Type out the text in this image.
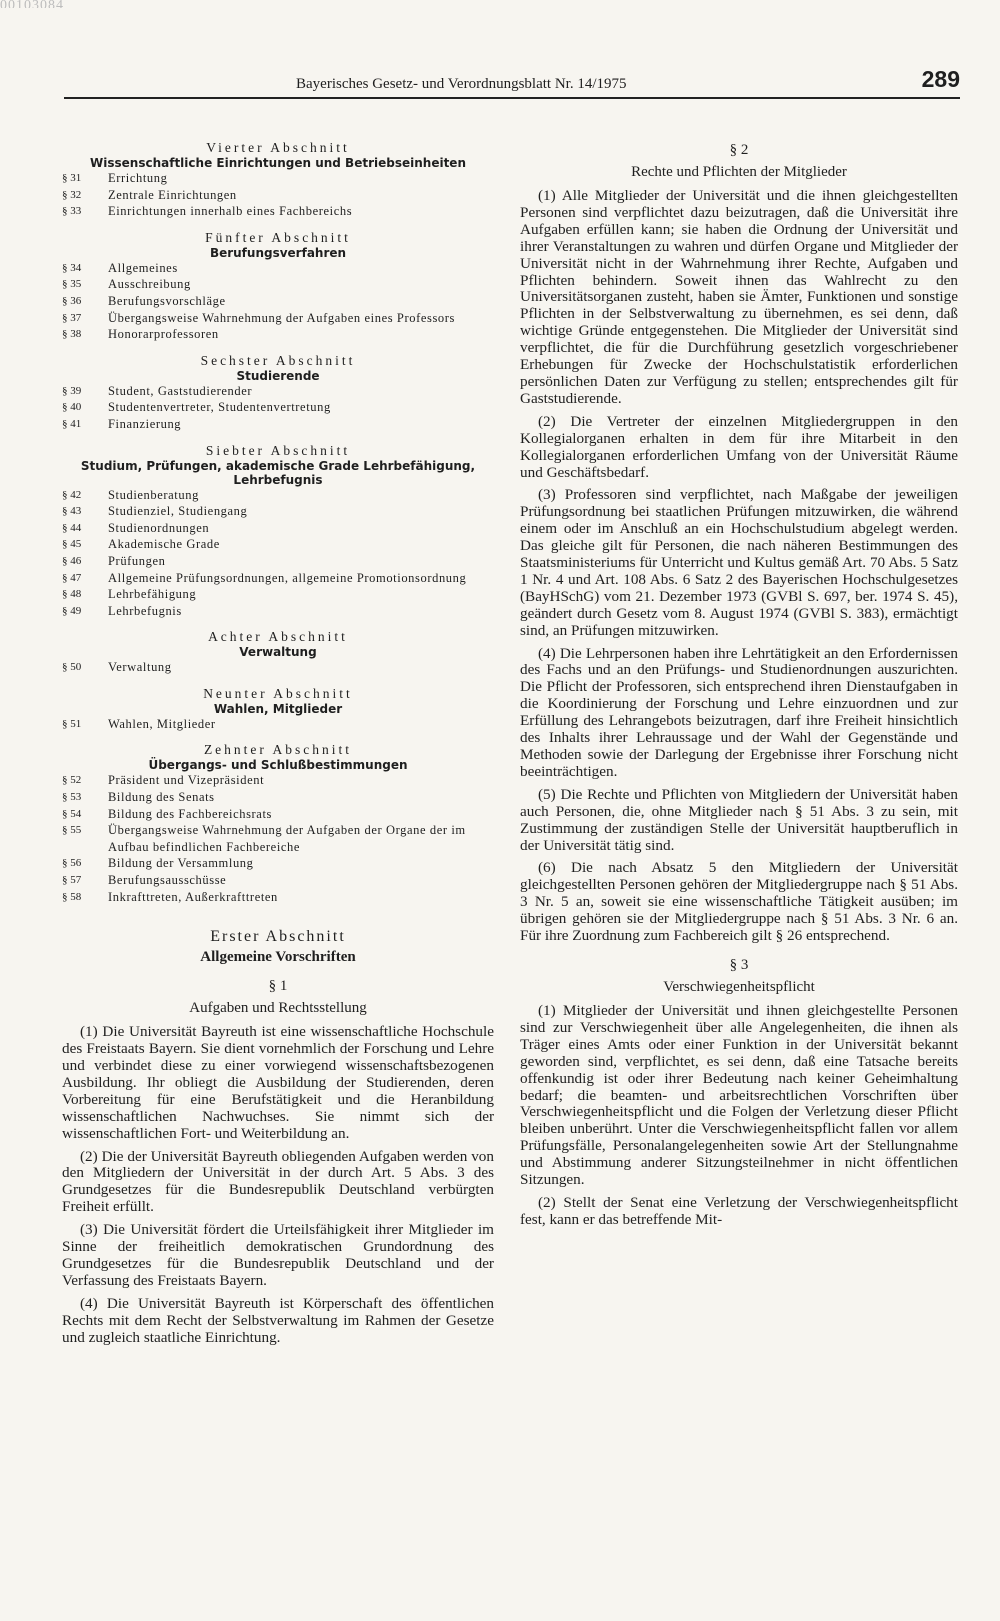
00103084
Bayerisches Gesetz- und Verordnungsblatt Nr. 14/1975	289
Vierter Abschnitt
Wissenschaftliche Einrichtungen und Betriebseinheiten
§ 31	Errichtung
§ 32	Zentrale Einrichtungen
§ 33	Einrichtungen innerhalb eines Fachbereichs
Fünfter Abschnitt
Berufungsverfahren
§ 34	Allgemeines
§ 35	Ausschreibung
§ 36	Berufungsvorschläge
§ 37	Übergangsweise Wahrnehmung der Aufgaben eines Professors
§ 38	Honorarprofessoren
Sechster Abschnitt
Studierende
§ 39	Student, Gaststudierender
§ 40	Studentenvertreter, Studentenvertretung
§ 41	Finanzierung
Siebter Abschnitt
Studium, Prüfungen, akademische Grade Lehrbefähigung, Lehrbefugnis
§ 42	Studienberatung
§ 43	Studienziel, Studiengang
§ 44	Studienordnungen
§ 45	Akademische Grade
§ 46	Prüfungen
§ 47	Allgemeine Prüfungsordnungen, allgemeine Promotionsordnung
§ 48	Lehrbefähigung
§ 49	Lehrbefugnis
Achter Abschnitt
Verwaltung
§ 50	Verwaltung
Neunter Abschnitt
Wahlen, Mitglieder
§ 51	Wahlen, Mitglieder
Zehnter Abschnitt
Übergangs- und Schlußbestimmungen
§ 52	Präsident und Vizepräsident
§ 53	Bildung des Senats
§ 54	Bildung des Fachbereichsrats
§ 55	Übergangsweise Wahrnehmung der Aufgaben der Organe der im Aufbau befindlichen Fachbereiche
§ 56	Bildung der Versammlung
§ 57	Berufungsausschüsse
§ 58	Inkrafttreten, Außerkrafttreten
Erster Abschnitt
Allgemeine Vorschriften
§ 1
Aufgaben und Rechtsstellung

(1) Die Universität Bayreuth ist eine wissenschaftliche Hochschule des Freistaats Bayern. Sie dient vornehmlich der Forschung und Lehre und verbindet diese zu einer vorwiegend wissenschaftsbezogenen Ausbildung. Ihr obliegt die Ausbildung der Studierenden, deren Vorbereitung für eine Berufstätigkeit und die Heranbildung wissenschaftlichen Nachwuchses. Sie nimmt sich der wissenschaftlichen Fort- und Weiterbildung an.

(2) Die der Universität Bayreuth obliegenden Aufgaben werden von den Mitgliedern der Universität in der durch Art. 5 Abs. 3 des Grundgesetzes für die Bundesrepublik Deutschland verbürgten Freiheit erfüllt.

(3) Die Universität fördert die Urteilsfähigkeit ihrer Mitglieder im Sinne der freiheitlich demokratischen Grundordnung des Grundgesetzes für die Bundesrepublik Deutschland und der Verfassung des Freistaats Bayern.

(4) Die Universität Bayreuth ist Körperschaft des öffentlichen Rechts mit dem Recht der Selbstverwaltung im Rahmen der Gesetze und zugleich staatliche Einrichtung.

§ 2
Rechte und Pflichten der Mitglieder

(1) Alle Mitglieder der Universität und die ihnen gleichgestellten Personen sind verpflichtet dazu beizutragen, daß die Universität ihre Aufgaben erfüllen kann; sie haben die Ordnung der Universität und ihrer Veranstaltungen zu wahren und dürfen Organe und Mitglieder der Universität nicht in der Wahrnehmung ihrer Rechte, Aufgaben und Pflichten behindern. Soweit ihnen das Wahlrecht zu den Universitätsorganen zusteht, haben sie Ämter, Funktionen und sonstige Pflichten in der Selbstverwaltung zu übernehmen, es sei denn, daß wichtige Gründe entgegenstehen. Die Mitglieder der Universität sind verpflichtet, die für die Durchführung gesetzlich vorgeschriebener Erhebungen für Zwecke der Hochschulstatistik erforderlichen persönlichen Daten zur Verfügung zu stellen; entsprechendes gilt für Gaststudierende.

(2) Die Vertreter der einzelnen Mitgliedergruppen in den Kollegialorganen erhalten in dem für ihre Mitarbeit in den Kollegialorganen erforderlichen Umfang von der Universität Räume und Geschäftsbedarf.

(3) Professoren sind verpflichtet, nach Maßgabe der jeweiligen Prüfungsordnung bei staatlichen Prüfungen mitzuwirken, die während einem oder im Anschluß an ein Hochschulstudium abgelegt werden. Das gleiche gilt für Personen, die nach näheren Bestimmungen des Staatsministeriums für Unterricht und Kultus gemäß Art. 70 Abs. 5 Satz 1 Nr. 4 und Art. 108 Abs. 6 Satz 2 des Bayerischen Hochschulgesetzes (BayHSchG) vom 21. Dezember 1973 (GVBl S. 697, ber. 1974 S. 45), geändert durch Gesetz vom 8. August 1974 (GVBl S. 383), ermächtigt sind, an Prüfungen mitzuwirken.

(4) Die Lehrpersonen haben ihre Lehrtätigkeit an den Erfordernissen des Fachs und an den Prüfungs- und Studienordnungen auszurichten. Die Pflicht der Professoren, sich entsprechend ihren Dienstaufgaben in die Koordinierung der Forschung und Lehre einzuordnen und zur Erfüllung des Lehrangebots beizutragen, darf ihre Freiheit hinsichtlich des Inhalts ihrer Lehraussage und der Wahl der Gegenstände und Methoden sowie der Darlegung der Ergebnisse ihrer Forschung nicht beeinträchtigen.

(5) Die Rechte und Pflichten von Mitgliedern der Universität haben auch Personen, die, ohne Mitglieder nach § 51 Abs. 3 zu sein, mit Zustimmung der zuständigen Stelle der Universität hauptberuflich in der Universität tätig sind.

(6) Die nach Absatz 5 den Mitgliedern der Universität gleichgestellten Personen gehören der Mitgliedergruppe nach § 51 Abs. 3 Nr. 5 an, soweit sie eine wissenschaftliche Tätigkeit ausüben; im übrigen gehören sie der Mitgliedergruppe nach § 51 Abs. 3 Nr. 6 an. Für ihre Zuordnung zum Fachbereich gilt § 26 entsprechend.

§ 3
Verschwiegenheitspflicht

(1) Mitglieder der Universität und ihnen gleichgestellte Personen sind zur Verschwiegenheit über alle Angelegenheiten, die ihnen als Träger eines Amts oder einer Funktion in der Universität bekannt geworden sind, verpflichtet, es sei denn, daß eine Tatsache bereits offenkundig ist oder ihrer Bedeutung nach keiner Geheimhaltung bedarf; die beamten- und arbeitsrechtlichen Vorschriften über Verschwiegenheitspflicht und die Folgen der Verletzung dieser Pflicht bleiben unberührt. Unter die Verschwiegenheitspflicht fallen vor allem Prüfungsfälle, Personalangelegenheiten sowie Art der Stellungnahme und Abstimmung anderer Sitzungsteilnehmer in nicht öffentlichen Sitzungen.

(2) Stellt der Senat eine Verletzung der Verschwiegenheitspflicht fest, kann er das betreffende Mit-
